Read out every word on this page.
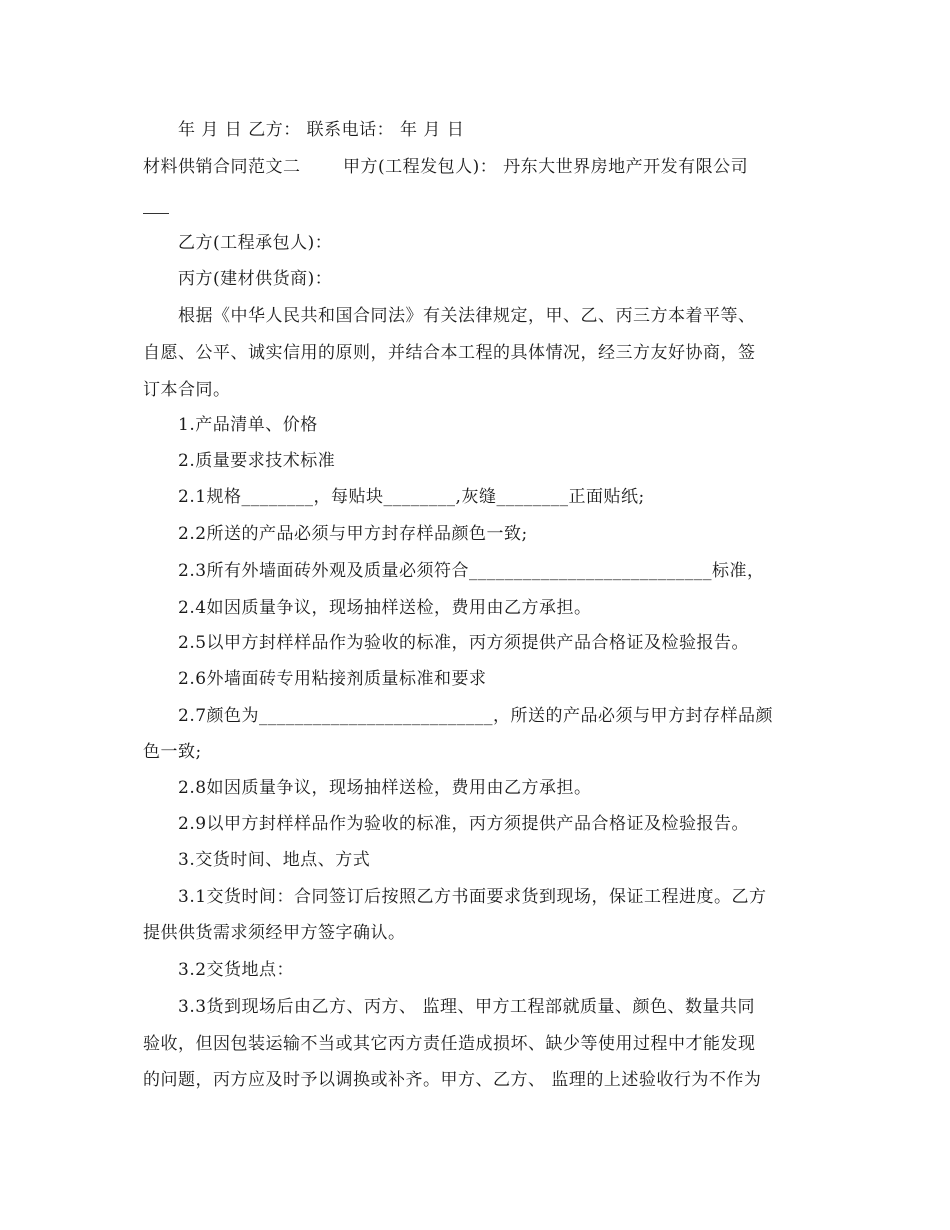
年 月 日 乙方： 联系电话： 年 月 日
材料供销合同范文二	甲方(工程发包人)： 丹东大世界房地产开发有限公司
乙方(工程承包人)：
丙方(建材供货商)：
根据《中华人民共和国合同法》有关法律规定，甲、乙、丙三方本着平等、
自愿、公平、诚实信用的原则，并结合本工程的具体情况，经三方友好协商，签
订本合同。
1.产品清单、价格
2.质量要求技术标准
2.1规格________，每贴块________,灰缝________正面贴纸;
2.2所送的产品必须与甲方封存样品颜色一致;
2.3所有外墙面砖外观及质量必须符合___________________________标准，
2.4如因质量争议，现场抽样送检，费用由乙方承担。
2.5以甲方封样样品作为验收的标准，丙方须提供产品合格证及检验报告。
2.6外墙面砖专用粘接剂质量标准和要求
2.7颜色为__________________________，所送的产品必须与甲方封存样品颜
色一致;
2.8如因质量争议，现场抽样送检，费用由乙方承担。
2.9以甲方封样样品作为验收的标准，丙方须提供产品合格证及检验报告。
3.交货时间、地点、方式
3.1交货时间：合同签订后按照乙方书面要求货到现场，保证工程进度。乙方
提供供货需求须经甲方签字确认。
3.2交货地点：
3.3货到现场后由乙方、丙方、 监理、甲方工程部就质量、颜色、数量共同
验收，但因包装运输不当或其它丙方责任造成损坏、缺少等使用过程中才能发现
的问题，丙方应及时予以调换或补齐。甲方、乙方、 监理的上述验收行为不作为
